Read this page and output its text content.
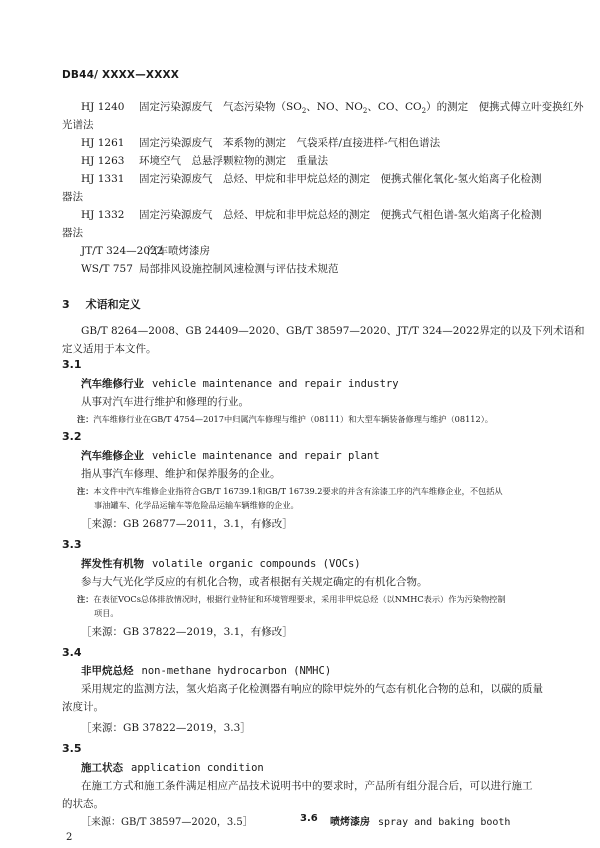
DB44/ XXXX—XXXX
HJ 1240 固定污染源废气　气态污染物（$SO_2$、NO、$NO_2$、CO、$CO_2$）的测定　便携式傅立叶变换红外
光谱法
HJ 1261 固定污染源废气　苯系物的测定　气袋采样/直接进样-气相色谱法
HJ 1263 环境空气　总悬浮颗粒物的测定　重量法
HJ 1331 固定污染源废气　总烃、甲烷和非甲烷总烃的测定　便携式催化氧化-氢火焰离子化检测
器法
HJ 1332 固定污染源废气　总烃、甲烷和非甲烷总烃的测定　便携式气相色谱-氢火焰离子化检测
器法
JT/T 324—2022汽车喷烤漆房
WS/T 757 局部排风设施控制风速检测与评估技术规范
3 术语和定义
GB/T 8264—2008、GB 24409—2020、GB/T 38597—2020、JT/T 324—2022界定的以及下列术语和
定义适用于本文件。
3.1
汽车维修行业 vehicle maintenance and repair industry
从事对汽车进行维护和修理的行业。
注：汽车维修行业在GB/T 4754—2017中归属汽车修理与维护（08111）和大型车辆装备修理与维护（08112）。
3.2
汽车维修企业 vehicle maintenance and repair plant
指从事汽车修理、维护和保养服务的企业。
注：本文件中汽车维修企业指符合GB/T 16739.1和GB/T 16739.2要求的并含有涂漆工序的汽车维修企业，不包括从
事油罐车、化学品运输车等危险品运输车辆维修的企业。
［来源：GB 26877—2011，3.1，有修改］
3.3
挥发性有机物 volatile organic compounds (VOCs)
参与大气光化学反应的有机化合物，或者根据有关规定确定的有机化合物。
注：在表征VOCs总体排放情况时，根据行业特征和环境管理要求，采用非甲烷总烃（以NMHC表示）作为污染物控制
项目。
［来源：GB 37822—2019，3.1，有修改］
3.4
非甲烷总烃 non-methane hydrocarbon (NMHC)
采用规定的监测方法，氢火焰离子化检测器有响应的除甲烷外的气态有机化合物的总和，以碳的质量
浓度计。
［来源：GB 37822—2019，3.3］
3.5
施工状态 application condition
在施工方式和施工条件满足相应产品技术说明书中的要求时，产品所有组分混合后，可以进行施工
的状态。
［来源：GB/T 38597—2020，3.5］
2
3.6 喷烤漆房 spray and baking booth
